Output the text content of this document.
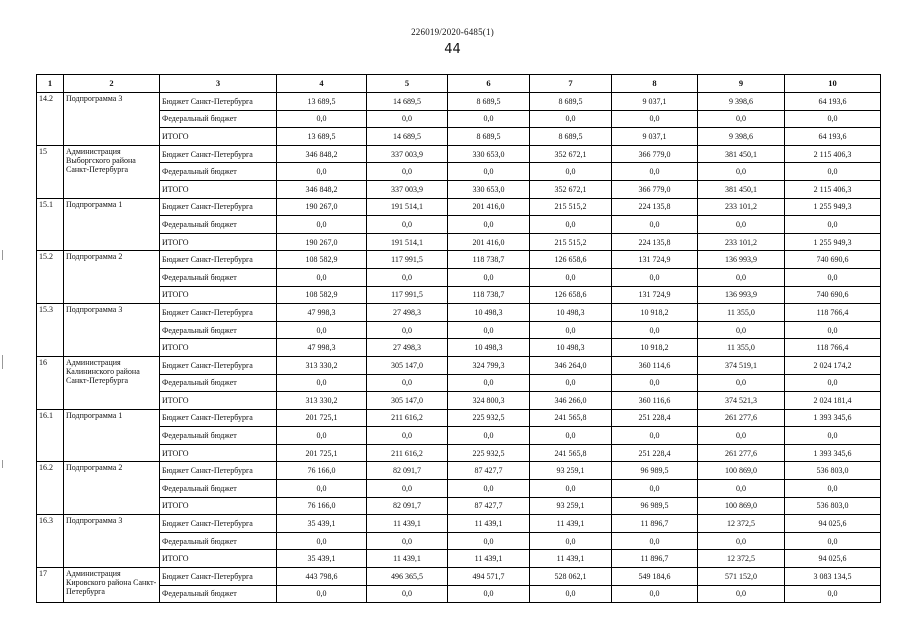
226019/2020-6485(1)
44
1	2	3	4	5	6	7	8	9	10
14.2	Подпрограмма 3	Бюджет Санкт-Петербурга	13 689,5	14 689,5	8 689,5	8 689,5	9 037,1	9 398,6	64 193,6
		Федеральный бюджет	0,0	0,0	0,0	0,0	0,0	0,0	0,0
		ИТОГО	13 689,5	14 689,5	8 689,5	8 689,5	9 037,1	9 398,6	64 193,6
15	Администрация Выборгского района Санкт-Петербурга	Бюджет Санкт-Петербурга	346 848,2	337 003,9	330 653,0	352 672,1	366 779,0	381 450,1	2 115 406,3
		Федеральный бюджет	0,0	0,0	0,0	0,0	0,0	0,0	0,0
		ИТОГО	346 848,2	337 003,9	330 653,0	352 672,1	366 779,0	381 450,1	2 115 406,3
15.1	Подпрограмма 1	Бюджет Санкт-Петербурга	190 267,0	191 514,1	201 416,0	215 515,2	224 135,8	233 101,2	1 255 949,3
		Федеральный бюджет	0,0	0,0	0,0	0,0	0,0	0,0	0,0
		ИТОГО	190 267,0	191 514,1	201 416,0	215 515,2	224 135,8	233 101,2	1 255 949,3
15.2	Подпрограмма 2	Бюджет Санкт-Петербурга	108 582,9	117 991,5	118 738,7	126 658,6	131 724,9	136 993,9	740 690,6
		Федеральный бюджет	0,0	0,0	0,0	0,0	0,0	0,0	0,0
		ИТОГО	108 582,9	117 991,5	118 738,7	126 658,6	131 724,9	136 993,9	740 690,6
15.3	Подпрограмма 3	Бюджет Санкт-Петербурга	47 998,3	27 498,3	10 498,3	10 498,3	10 918,2	11 355,0	118 766,4
		Федеральный бюджет	0,0	0,0	0,0	0,0	0,0	0,0	0,0
		ИТОГО	47 998,3	27 498,3	10 498,3	10 498,3	10 918,2	11 355,0	118 766,4
16	Администрация Калининского района Санкт-Петербурга	Бюджет Санкт-Петербурга	313 330,2	305 147,0	324 799,3	346 264,0	360 114,6	374 519,1	2 024 174,2
		Федеральный бюджет	0,0	0,0	0,0	0,0	0,0	0,0	0,0
		ИТОГО	313 330,2	305 147,0	324 800,3	346 266,0	360 116,6	374 521,3	2 024 181,4
16.1	Подпрограмма 1	Бюджет Санкт-Петербурга	201 725,1	211 616,2	225 932,5	241 565,8	251 228,4	261 277,6	1 393 345,6
		Федеральный бюджет	0,0	0,0	0,0	0,0	0,0	0,0	0,0
		ИТОГО	201 725,1	211 616,2	225 932,5	241 565,8	251 228,4	261 277,6	1 393 345,6
16.2	Подпрограмма 2	Бюджет Санкт-Петербурга	76 166,0	82 091,7	87 427,7	93 259,1	96 989,5	100 869,0	536 803,0
		Федеральный бюджет	0,0	0,0	0,0	0,0	0,0	0,0	0,0
		ИТОГО	76 166,0	82 091,7	87 427,7	93 259,1	96 989,5	100 869,0	536 803,0
16.3	Подпрограмма 3	Бюджет Санкт-Петербурга	35 439,1	11 439,1	11 439,1	11 439,1	11 896,7	12 372,5	94 025,6
		Федеральный бюджет	0,0	0,0	0,0	0,0	0,0	0,0	0,0
		ИТОГО	35 439,1	11 439,1	11 439,1	11 439,1	11 896,7	12 372,5	94 025,6
17	Администрация Кировского района Санкт-Петербурга	Бюджет Санкт-Петербурга	443 798,6	496 365,5	494 571,7	528 062,1	549 184,6	571 152,0	3 083 134,5
		Федеральный бюджет	0,0	0,0	0,0	0,0	0,0	0,0	0,0
